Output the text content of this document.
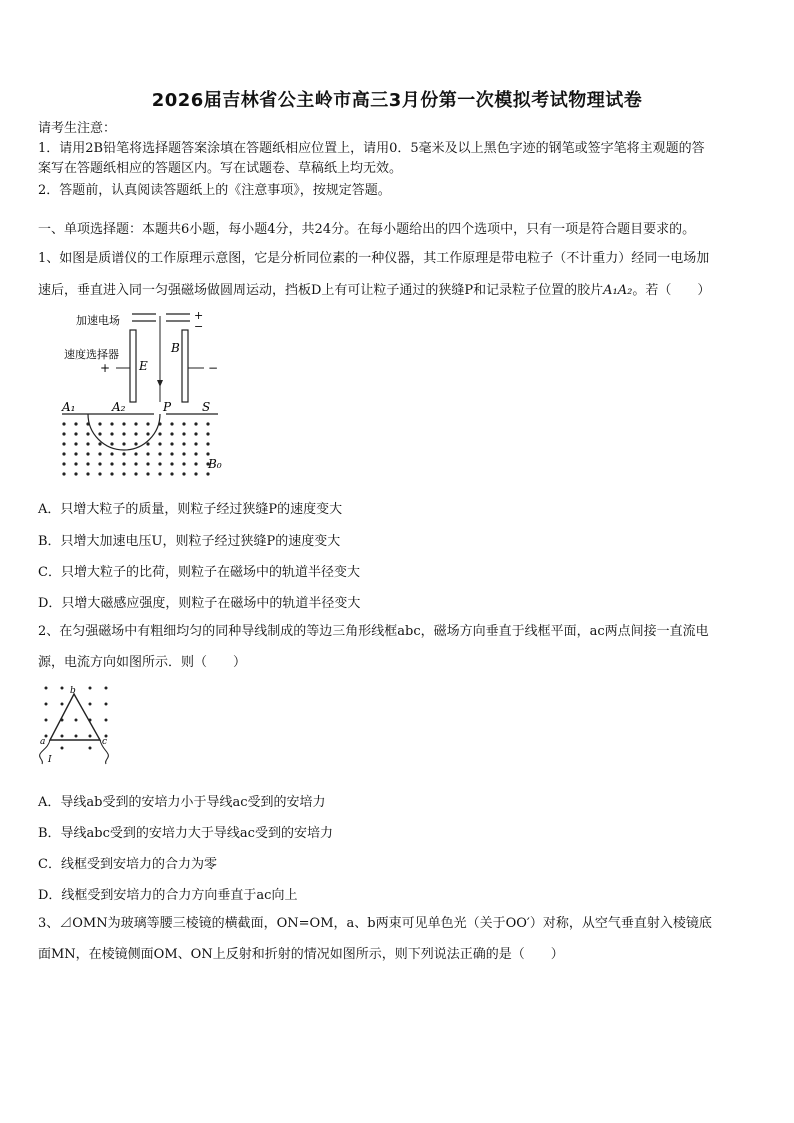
2026届吉林省公主岭市高三3月份第一次模拟考试物理试卷
请考生注意：
1．请用2B铅笔将选择题答案涂填在答题纸相应位置上，请用0．5毫米及以上黑色字迹的钢笔或签字笔将主观题的答
案写在答题纸相应的答题区内。写在试题卷、草稿纸上均无效。
2．答题前，认真阅读答题纸上的《注意事项》，按规定答题。
一、单项选择题：本题共6小题，每小题4分，共24分。在每小题给出的四个选项中，只有一项是符合题目要求的。
1、如图是质谱仪的工作原理示意图，它是分析同位素的一种仪器，其工作原理是带电粒子（不计重力）经同一电场加
速后，垂直进入同一匀强磁场做圆周运动，挡板D上有可让粒子通过的狭缝P和记录粒子位置的胶片A₁A₂。若（　　）
加速电场	+
−
速度选择器
+	−
E
B
A₁	A₂	P	S
B₀
A．只增大粒子的质量，则粒子经过狭缝P的速度变大
B．只增大加速电压U，则粒子经过狭缝P的速度变大
C．只增大粒子的比荷，则粒子在磁场中的轨道半径变大
D．只增大磁感应强度，则粒子在磁场中的轨道半径变大
2、在匀强磁场中有粗细均匀的同种导线制成的等边三角形线框abc，磁场方向垂直于线框平面，ac两点间接一直流电
源，电流方向如图所示．则（　　）
b
a	c
I
A．导线ab受到的安培力小于导线ac受到的安培力
B．导线abc受到的安培力大于导线ac受到的安培力
C．线框受到安培力的合力为零
D．线框受到安培力的合力方向垂直于ac向上
3、⊿OMN为玻璃等腰三棱镜的横截面，ON=OM，a、b两束可见单色光（关于OO′）对称，从空气垂直射入棱镜底
面MN，在棱镜侧面OM、ON上反射和折射的情况如图所示，则下列说法正确的是（　　）
